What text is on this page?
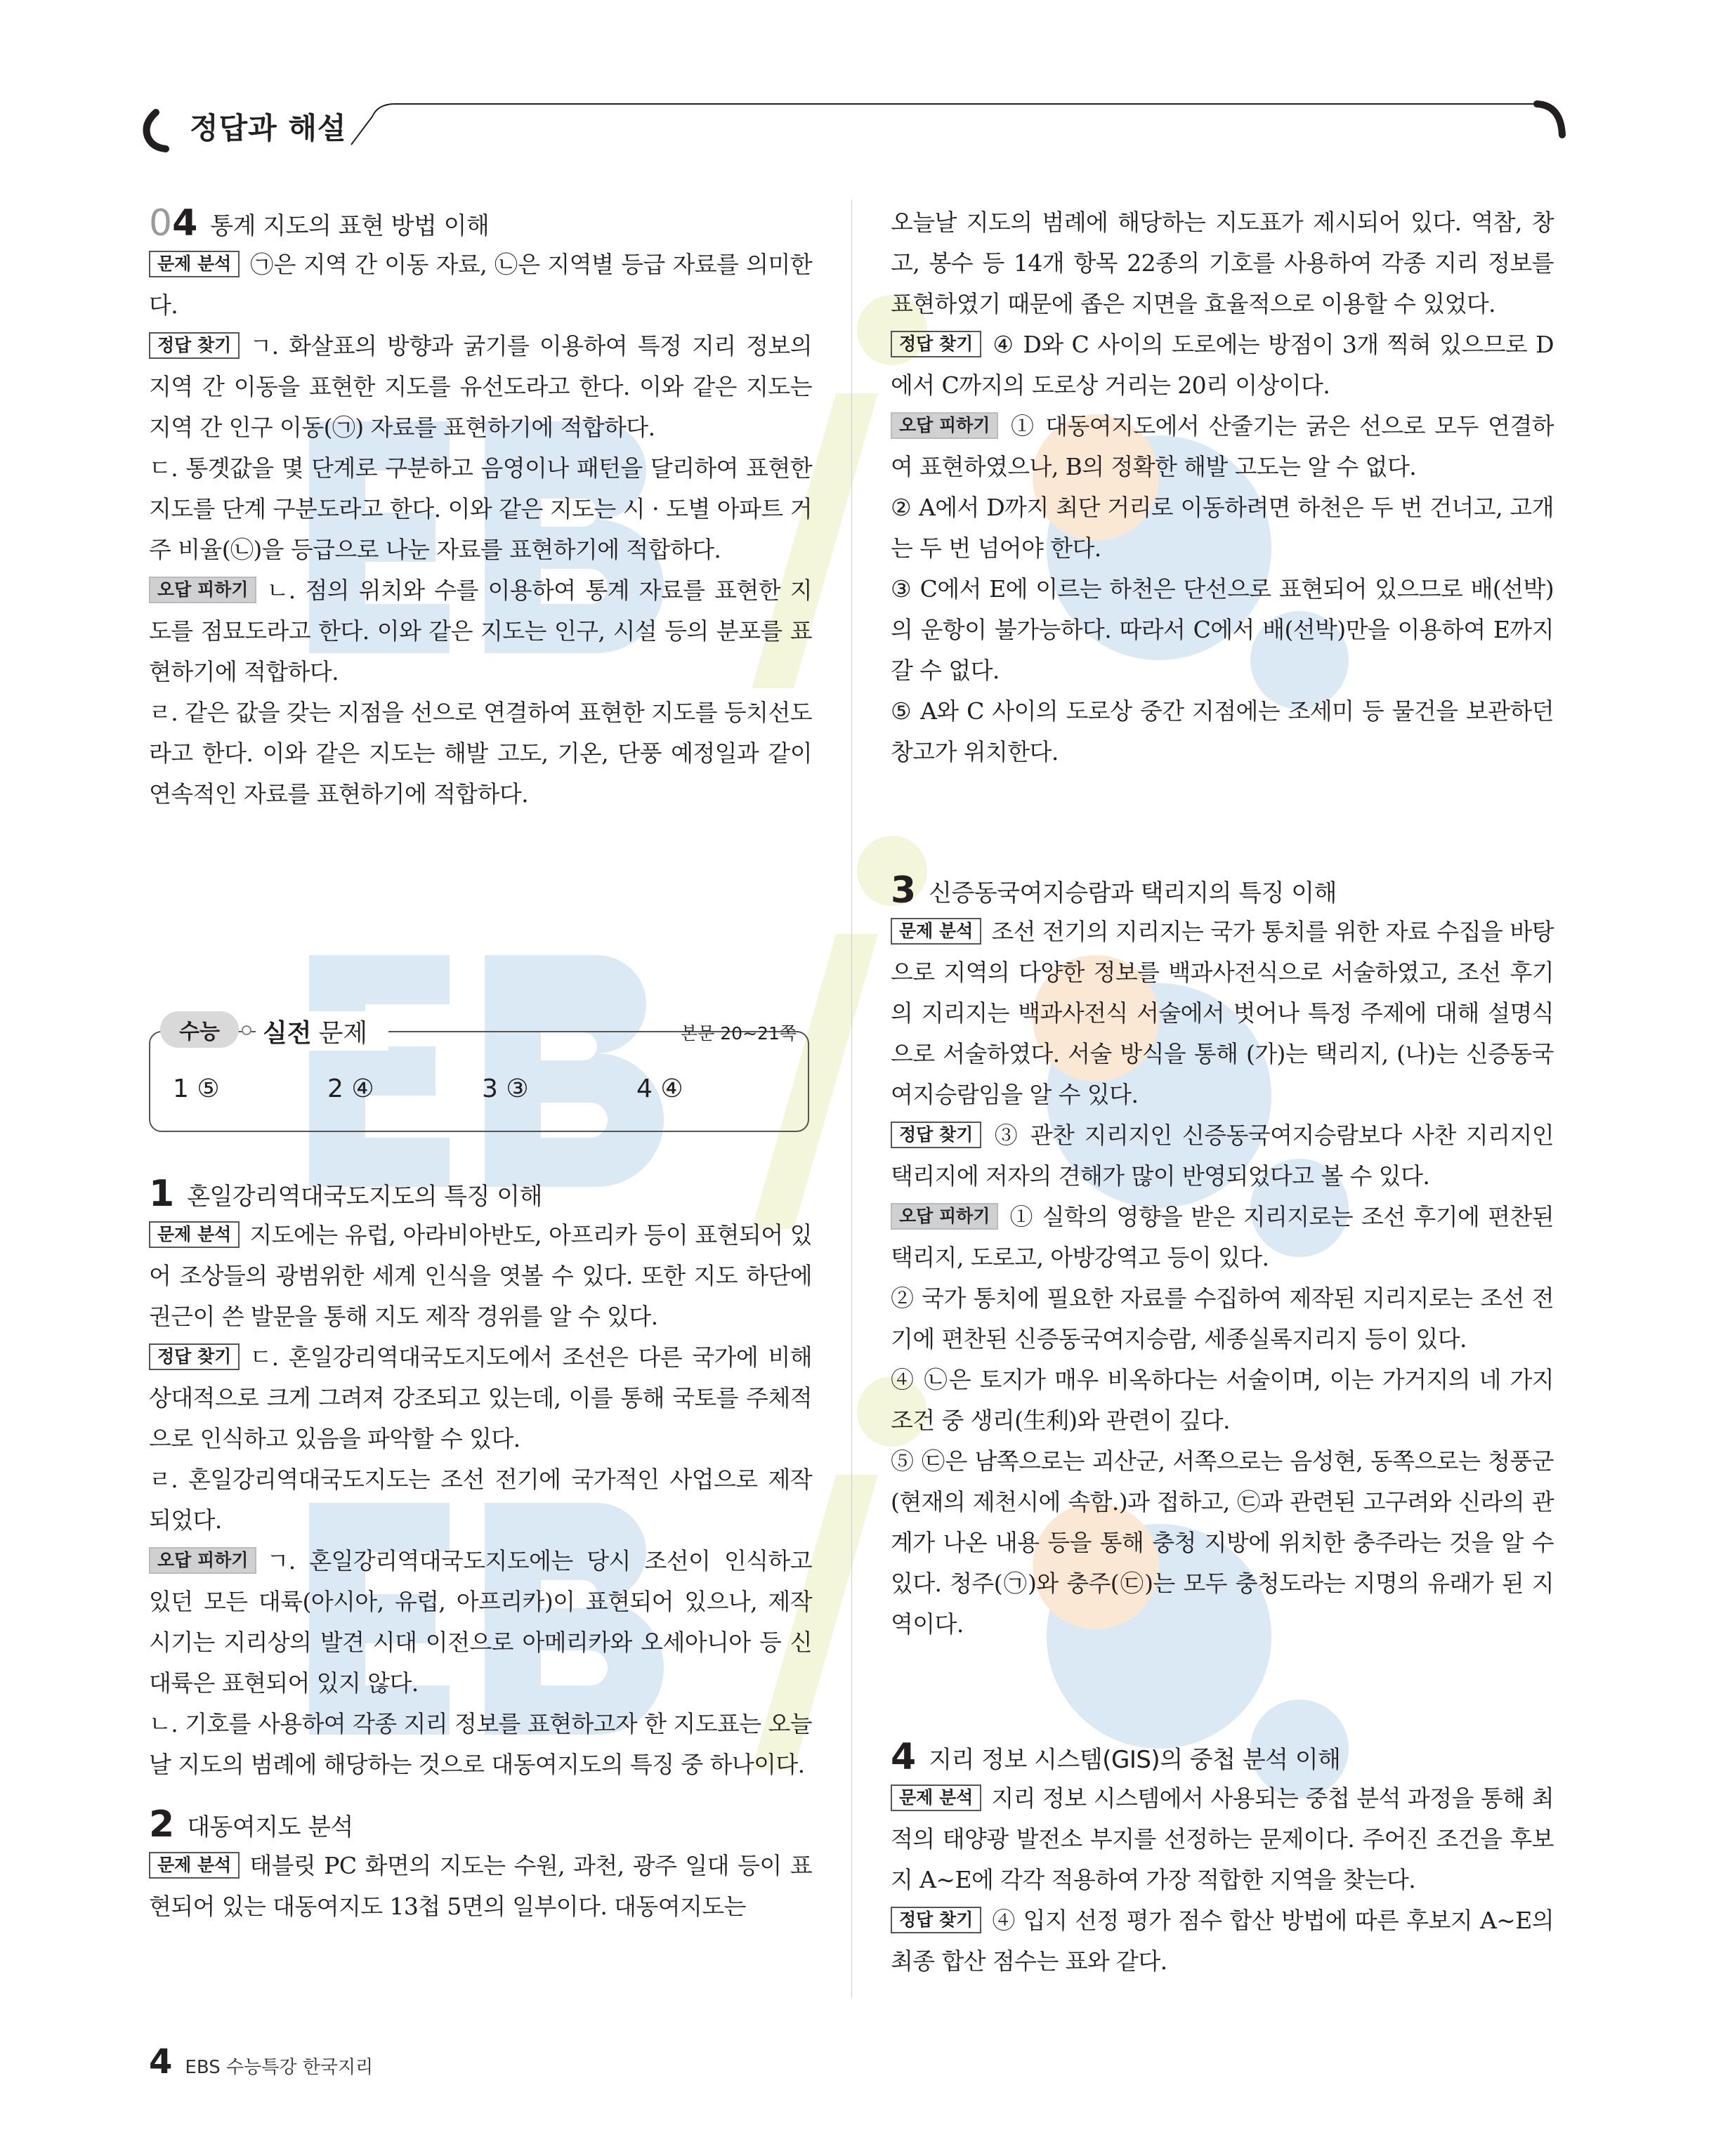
정답과 해설
04 통계 지도의 표현 방법 이해

문제 분석 ㉠은 지역 간 이동 자료, ㉡은 지역별 등급 자료를 의미한다.

정답 찾기 ㄱ. 화살표의 방향과 굵기를 이용하여 특정 지리 정보의 지역 간 이동을 표현한 지도를 유선도라고 한다. 이와 같은 지도는 지역 간 인구 이동(㉠) 자료를 표현하기에 적합하다.

ㄷ. 통곗값을 몇 단계로 구분하고 음영이나 패턴을 달리하여 표현한 지도를 단계 구분도라고 한다. 이와 같은 지도는 시 · 도별 아파트 거주 비율(㉡)을 등급으로 나눈 자료를 표현하기에 적합하다.

오답 피하기 ㄴ. 점의 위치와 수를 이용하여 통계 자료를 표현한 지도를 점묘도라고 한다. 이와 같은 지도는 인구, 시설 등의 분포를 표현하기에 적합하다.

ㄹ. 같은 값을 갖는 지점을 선으로 연결하여 표현한 지도를 등치선도라고 한다. 이와 같은 지도는 해발 고도, 기온, 단풍 예정일과 같이 연속적인 자료를 표현하기에 적합하다.

수능	실전 문제	본문 20∼21쪽
1 ⑤	2 ④	3 ③	4 ④
1 혼일강리역대국도지도의 특징 이해

문제 분석 지도에는 유럽, 아라비아반도, 아프리카 등이 표현되어 있어 조상들의 광범위한 세계 인식을 엿볼 수 있다. 또한 지도 하단에 권근이 쓴 발문을 통해 지도 제작 경위를 알 수 있다.

정답 찾기 ㄷ. 혼일강리역대국도지도에서 조선은 다른 국가에 비해 상대적으로 크게 그려져 강조되고 있는데, 이를 통해 국토를 주체적으로 인식하고 있음을 파악할 수 있다.

ㄹ. 혼일강리역대국도지도는 조선 전기에 국가적인 사업으로 제작되었다.

오답 피하기 ㄱ. 혼일강리역대국도지도에는 당시 조선이 인식하고 있던 모든 대륙(아시아, 유럽, 아프리카)이 표현되어 있으나, 제작 시기는 지리상의 발견 시대 이전으로 아메리카와 오세아니아 등 신대륙은 표현되어 있지 않다.

ㄴ. 기호를 사용하여 각종 지리 정보를 표현하고자 한 지도표는 오늘날 지도의 범례에 해당하는 것으로 대동여지도의 특징 중 하나이다.

2 대동여지도 분석

문제 분석 태블릿 PC 화면의 지도는 수원, 과천, 광주 일대 등이 표현되어 있는 대동여지도 13첩 5면의 일부이다. 대동여지도는

오늘날 지도의 범례에 해당하는 지도표가 제시되어 있다. 역참, 창고, 봉수 등 14개 항목 22종의 기호를 사용하여 각종 지리 정보를 표현하였기 때문에 좁은 지면을 효율적으로 이용할 수 있었다.

정답 찾기 ④ D와 C 사이의 도로에는 방점이 3개 찍혀 있으므로 D에서 C까지의 도로상 거리는 20리 이상이다.

오답 피하기 ① 대동여지도에서 산줄기는 굵은 선으로 모두 연결하여 표현하였으나, B의 정확한 해발 고도는 알 수 없다.

② A에서 D까지 최단 거리로 이동하려면 하천은 두 번 건너고, 고개는 두 번 넘어야 한다.

③ C에서 E에 이르는 하천은 단선으로 표현되어 있으므로 배(선박)의 운항이 불가능하다. 따라서 C에서 배(선박)만을 이용하여 E까지 갈 수 없다.

⑤ A와 C 사이의 도로상 중간 지점에는 조세미 등 물건을 보관하던 창고가 위치한다.

3 신증동국여지승람과 택리지의 특징 이해

문제 분석 조선 전기의 지리지는 국가 통치를 위한 자료 수집을 바탕으로 지역의 다양한 정보를 백과사전식으로 서술하였고, 조선 후기의 지리지는 백과사전식 서술에서 벗어나 특정 주제에 대해 설명식으로 서술하였다. 서술 방식을 통해 (가)는 택리지, (나)는 신증동국여지승람임을 알 수 있다.

정답 찾기 ③ 관찬 지리지인 신증동국여지승람보다 사찬 지리지인 택리지에 저자의 견해가 많이 반영되었다고 볼 수 있다.

오답 피하기 ① 실학의 영향을 받은 지리지로는 조선 후기에 편찬된 택리지, 도로고, 아방강역고 등이 있다.

② 국가 통치에 필요한 자료를 수집하여 제작된 지리지로는 조선 전기에 편찬된 신증동국여지승람, 세종실록지리지 등이 있다.

④ ㉡은 토지가 매우 비옥하다는 서술이며, 이는 가거지의 네 가지 조건 중 생리(生利)와 관련이 깊다.

⑤ ㉢은 남쪽으로는 괴산군, 서쪽으로는 음성현, 동쪽으로는 청풍군(현재의 제천시에 속함.)과 접하고, ㉢과 관련된 고구려와 신라의 관계가 나온 내용 등을 통해 충청 지방에 위치한 충주라는 것을 알 수 있다. 청주(㉠)와 충주(㉢)는 모두 충청도라는 지명의 유래가 된 지역이다.

4 지리 정보 시스템(GIS)의 중첩 분석 이해

문제 분석 지리 정보 시스템에서 사용되는 중첩 분석 과정을 통해 최적의 태양광 발전소 부지를 선정하는 문제이다. 주어진 조건을 후보지 A∼E에 각각 적용하여 가장 적합한 지역을 찾는다.

정답 찾기 ④ 입지 선정 평가 점수 합산 방법에 따른 후보지 A∼E의 최종 합산 점수는 표와 같다.

4 EBS 수능특강 한국지리
